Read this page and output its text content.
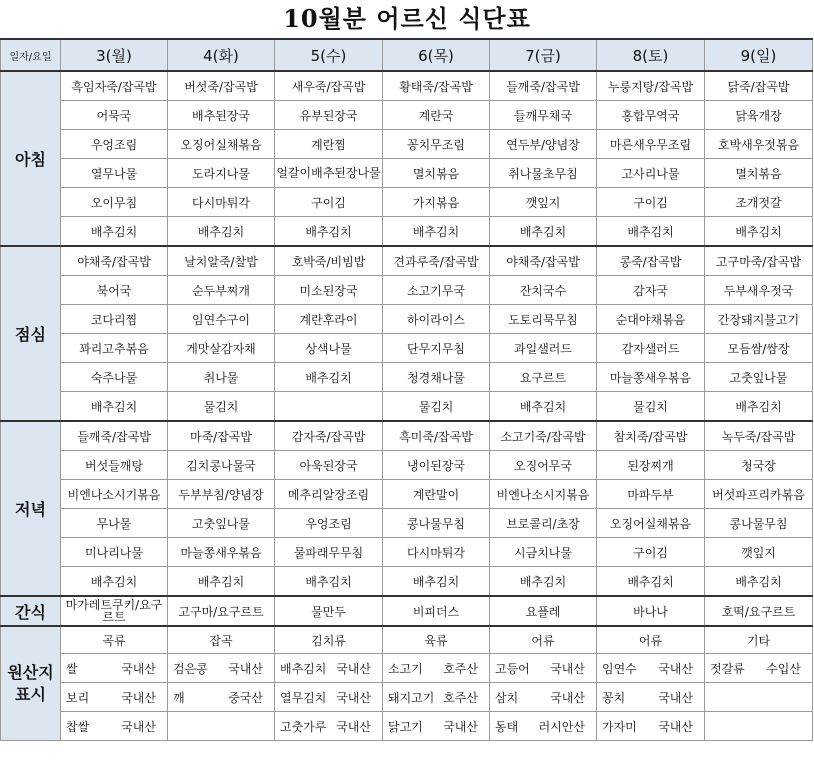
10월분 어르신 식단표
일자/요일	3(월)	4(화)	5(수)	6(목)	7(금)	8(토)	9(일)
아침	흑임자죽/잡곡밥	버섯죽/잡곡밥	새우죽/잡곡밥	황태죽/잡곡밥	들깨죽/잡곡밥	누룽지탕/잡곡밥	닭죽/잡곡밥
	어묵국	배추된장국	유부된장국	계란국	들깨무채국	홍합무역국	닭육개장
	우엉조림	오징어실채볶음	계란찜	꽁치무조림	연두부/양념장	마른새우무조림	호박새우젓볶음
	열무나물	도라지나물	얼갈이배추된장나물	멸치볶음	취나물초무침	고사리나물	멸치볶음
	오이무침	다시마튀각	구이김	가지볶음	깻잎지	구이김	조개젓갈
	배추김치	배추김치	배추김치	배추김치	배추김치	배추김치	배추김치
점심	야채죽/잡곡밥	날치알죽/찰밥	호박죽/비빔밥	견과루죽/잡곡밥	야채죽/잡곡밥	콩죽/잡곡밥	고구마죽/잡곡밥
	북어국	순두부찌개	미소된장국	소고기무국	잔치국수	감자국	두부새우젓국
	코다리찜	임연수구이	계란후라이	하이라이스	도토리묵무침	순대야채볶음	간장돼지불고기
	꽈리고추볶음	게맛살감자채	상색나물	단무지무침	과일샐러드	감자샐러드	모듬쌈/쌈장
	숙주나물	취나물	배추김치	청경채나물	요구르트	마늘쫑새우볶음	고춧잎나물
	배추김치	물김치		물김치	배추김치	물김치	배추김치
저녁	들깨죽/잡곡밥	마죽/잡곡밥	감자죽/잡곡밥	흑미죽/잡곡밥	소고기죽/잡곡밥	참치죽/잡곡밥	녹두죽/잡곡밥
	버섯들깨탕	김치콩나물국	아욱된장국	냉이된장국	오징어무국	된장찌개	청국장
	비엔나소시기볶음	두부부침/양념장	메추리알장조림	계란말이	비엔나소시지볶음	마파두부	버섯파프리카볶음
	무나물	고춧잎나물	우엉조림	콩나물무침	브로콜리/초장	오징어실채볶음	콩나물무침
	미나리나물	마늘쫑새우볶음	물파래무무침	다시마튀각	시금치나물	구이김	깻잎지
	배추김치	배추김치	배추김치	배추김치	배추김치	배추김치	배추김치
간식	마가레트쿠키/요구르트	고구마/요구르트	물만두	비피더스	요플레	바나나	호떡/요구르트
원산지 표시	곡류	잡곡	김치류	육류	어류	어류	기타

	쌀 국내산	검은콩 국내산	배추김치 국내산	소고기 호주산	고등어 국내산	임연수 국내산	젓갈류 수입산

	보리 국내산	깨 중국산	열무김치 국내산	돼지고기 호주산	삼치 국내산	꽁치 국내산	

	찹쌀 국내산		고춧가루 국내산	닭고기 국내산	동태 러시안산	가자미 국내산	
